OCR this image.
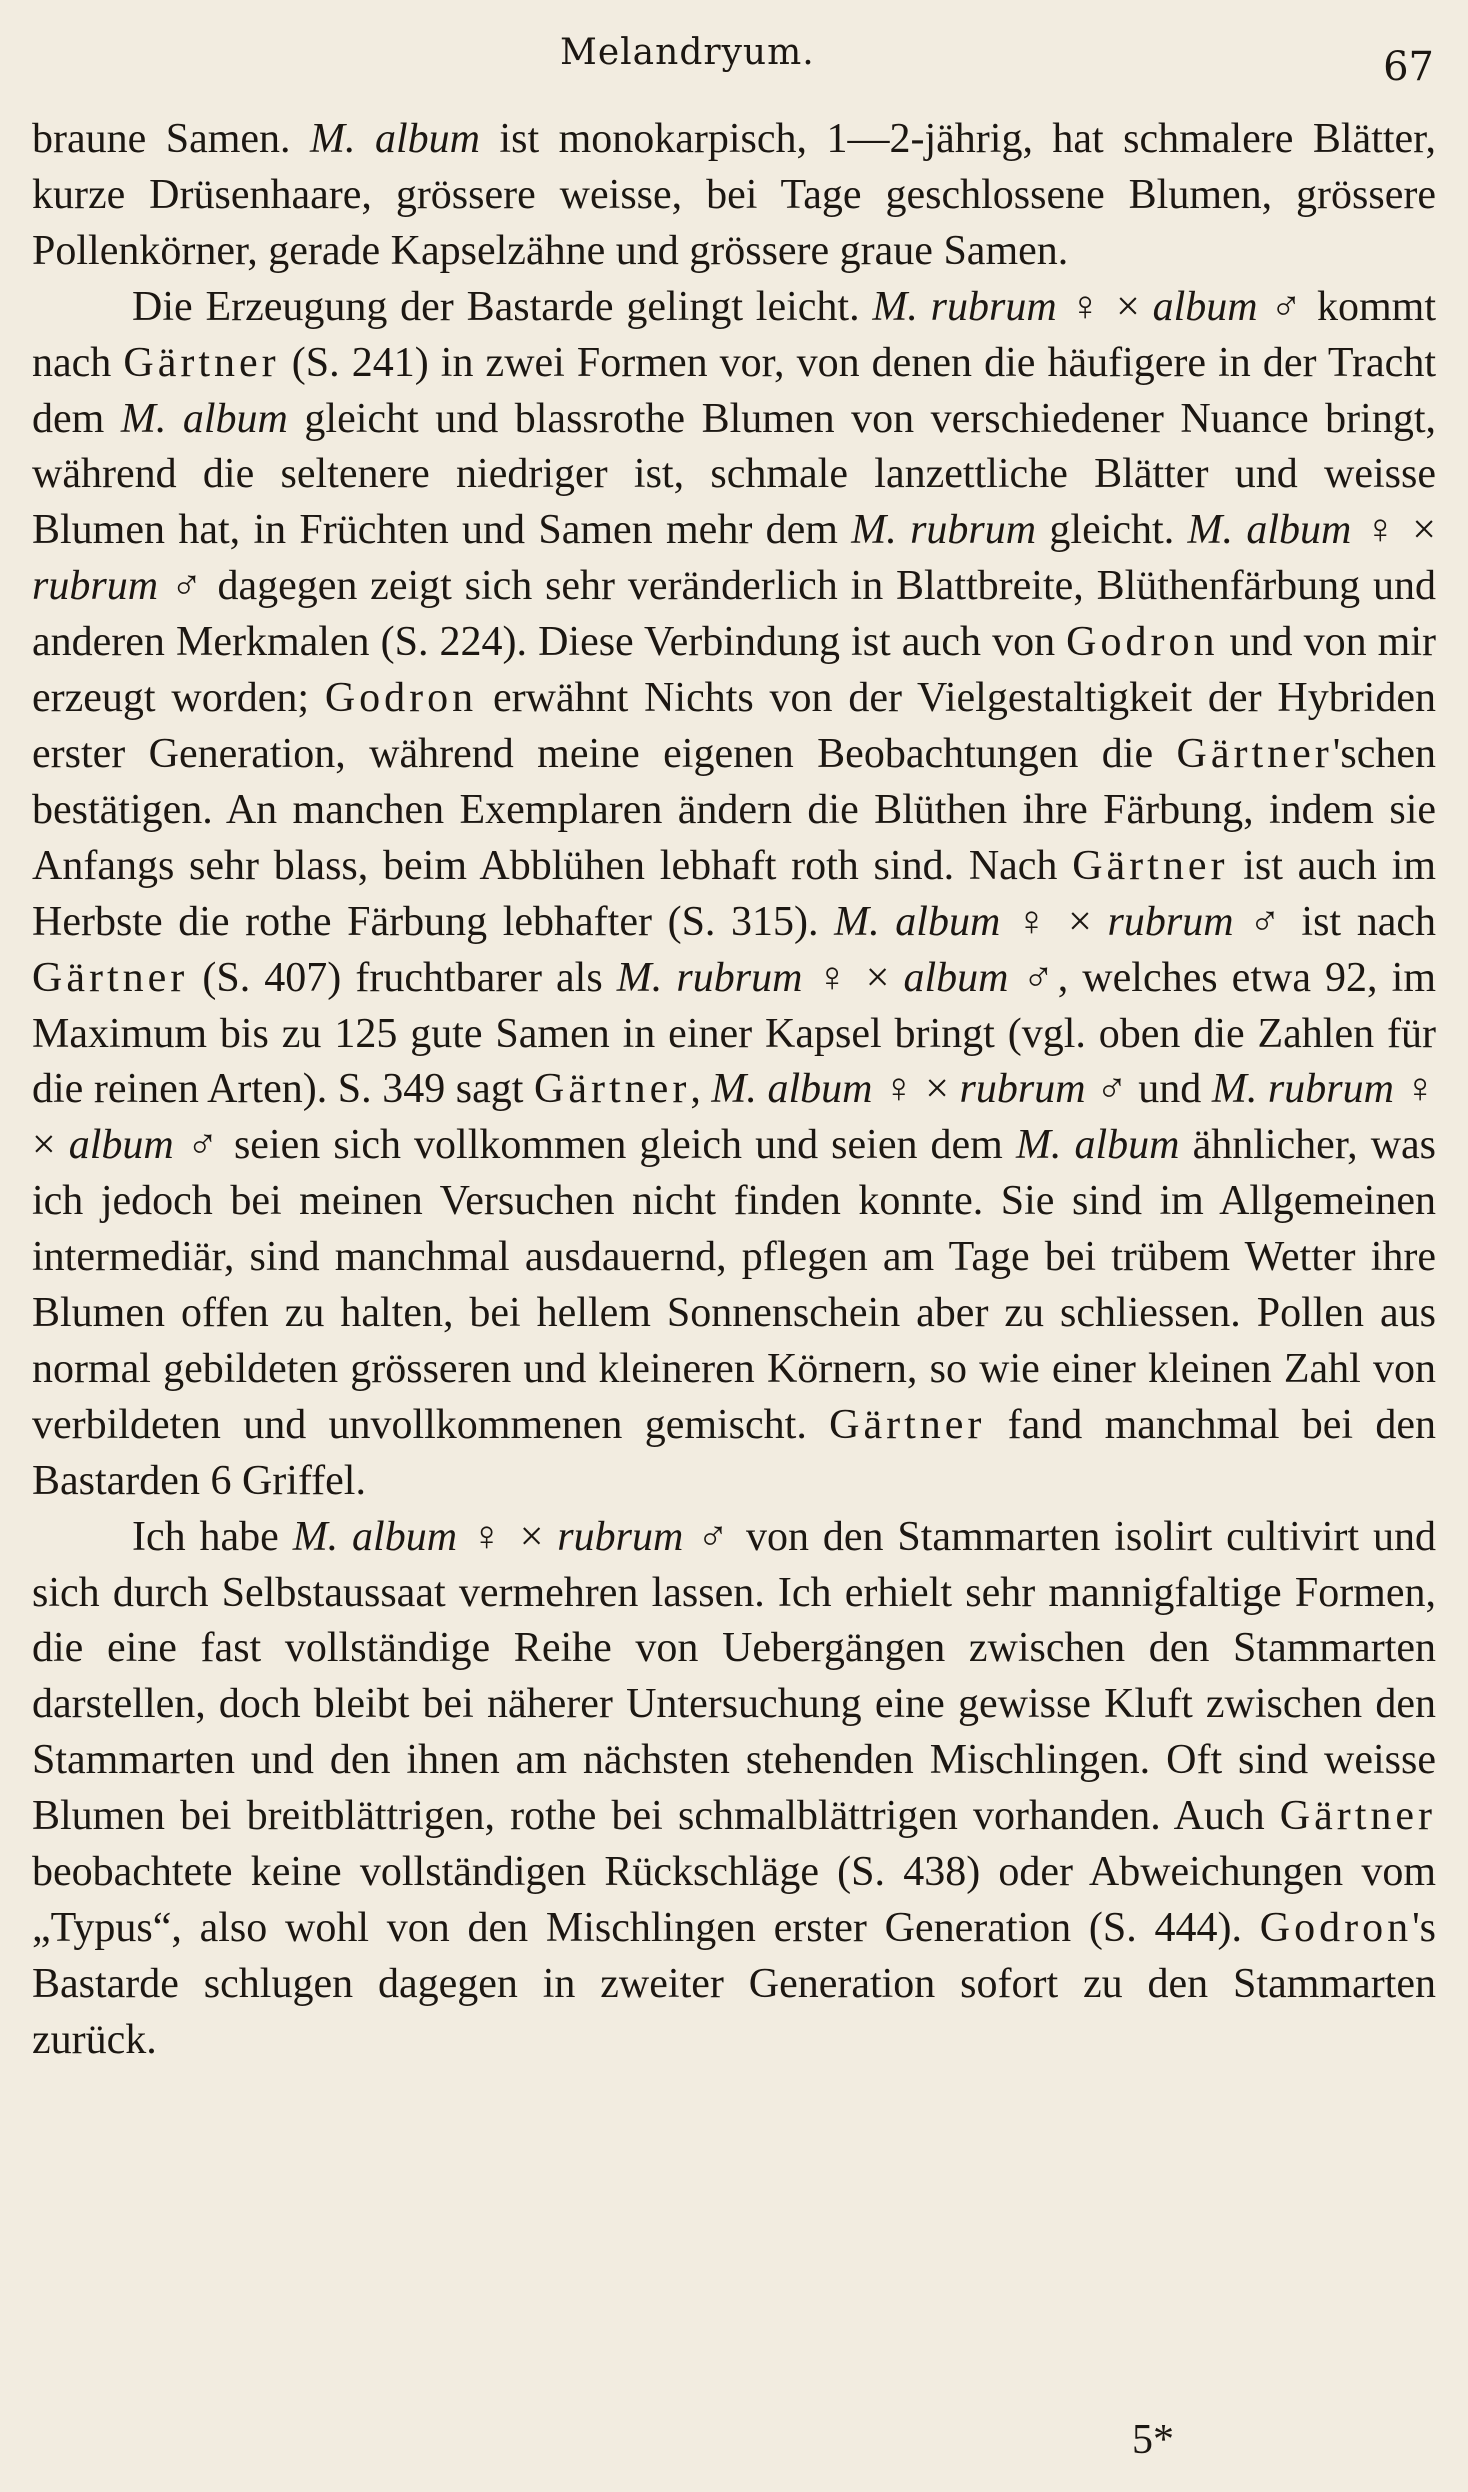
Melandryum.	67

braune Samen. M. album ist monokarpisch, 1—2-jährig, hat schmalere Blätter, kurze Drüsenhaare, grössere weisse, bei Tage geschlossene Blumen, grössere Pollenkörner, gerade Kapselzähne und grössere graue Samen.

Die Erzeugung der Bastarde gelingt leicht. M. rubrum ♀ × album ♂ kommt nach Gärtner (S. 241) in zwei Formen vor, von denen die häufigere in der Tracht dem M. album gleicht und blassrothe Blumen von verschiedener Nuance bringt, während die seltenere niedriger ist, schmale lanzettliche Blätter und weisse Blumen hat, in Früchten und Samen mehr dem M. rubrum gleicht. M. album ♀ × rubrum ♂ dagegen zeigt sich sehr veränderlich in Blattbreite, Blüthenfärbung und anderen Merkmalen (S. 224). Diese Verbindung ist auch von Godron und von mir erzeugt worden; Godron erwähnt Nichts von der Vielgestaltigkeit der Hybriden erster Generation, während meine eigenen Beobachtungen die Gärtner'schen bestätigen. An manchen Exemplaren ändern die Blüthen ihre Färbung, indem sie Anfangs sehr blass, beim Abblühen lebhaft roth sind. Nach Gärtner ist auch im Herbste die rothe Färbung lebhafter (S. 315). M. album ♀ × rubrum ♂ ist nach Gärtner (S. 407) fruchtbarer als M. rubrum ♀ × album ♂, welches etwa 92, im Maximum bis zu 125 gute Samen in einer Kapsel bringt (vgl. oben die Zahlen für die reinen Arten). S. 349 sagt Gärtner, M. album ♀ × rubrum ♂ und M. rubrum ♀ × album ♂ seien sich vollkommen gleich und seien dem M. album ähnlicher, was ich jedoch bei meinen Versuchen nicht finden konnte. Sie sind im Allgemeinen intermediär, sind manchmal ausdauernd, pflegen am Tage bei trübem Wetter ihre Blumen offen zu halten, bei hellem Sonnenschein aber zu schliessen. Pollen aus normal gebildeten grösseren und kleineren Körnern, so wie einer kleinen Zahl von verbildeten und unvollkommenen gemischt. Gärtner fand manchmal bei den Bastarden 6 Griffel.

Ich habe M. album ♀ × rubrum ♂ von den Stammarten isolirt cultivirt und sich durch Selbstaussaat vermehren lassen. Ich erhielt sehr mannigfaltige Formen, die eine fast vollständige Reihe von Uebergängen zwischen den Stammarten darstellen, doch bleibt bei näherer Untersuchung eine gewisse Kluft zwischen den Stammarten und den ihnen am nächsten stehenden Mischlingen. Oft sind weisse Blumen bei breitblättrigen, rothe bei schmalblättrigen vorhanden. Auch Gärtner beobachtete keine vollständigen Rückschläge (S. 438) oder Abweichungen vom „Typus“, also wohl von den Mischlingen erster Generation (S. 444). Godron's Bastarde schlugen dagegen in zweiter Generation sofort zu den Stammarten zurück.

5*
